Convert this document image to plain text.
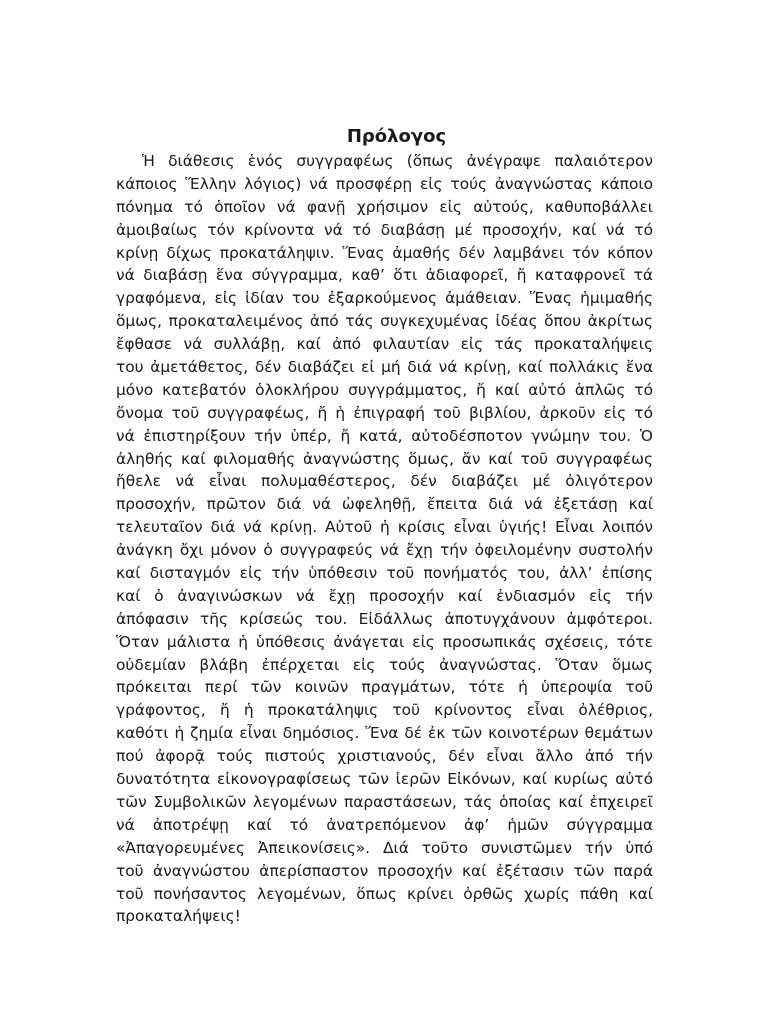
Πρόλογος
Ἡ διάθεσις ἑνός συγγραφέως (ὅπως ἀνέγραψε παλαιότερον
κάποιος Ἕλλην λόγιος) νά προσφέρῃ εἰς τούς ἀναγνώστας κάποιο
πόνημα τό ὁποῖον νά φανῇ χρήσιμον εἰς αὐτούς, καθυποβάλλει
ἀμοιβαίως τόν κρίνοντα νά τό διαβάσῃ μέ προσοχήν, καί νά τό
κρίνῃ δίχως προκατάληψιν. Ἕνας ἀμαθής δέν λαμβάνει τόν κόπον
νά διαβάσῃ ἕνα σύγγραμμα, καθ’ ὅτι ἀδιαφορεῖ, ἤ καταφρονεῖ τά
γραφόμενα, εἰς ἰδίαν του ἐξαρκούμενος ἀμάθειαν. Ἕνας ἡμιμαθής
ὅμως, προκαταλειμένος ἀπό τάς συγκεχυμένας ἰδέας ὅπου ἀκρίτως
ἔφθασε νά συλλάβῃ, καί ἀπό φιλαυτίαν εἰς τάς προκαταλήψεις
του ἀμετάθετος, δέν διαβάζει εἰ μή διά νά κρίνῃ, καί πολλάκις ἕνα
μόνο κατεβατόν ὁλοκλήρου συγγράμματος, ἤ καί αὐτό ἁπλῶς τό
ὄνομα τοῦ συγγραφέως, ἤ ἡ ἐπιγραφή τοῦ βιβλίου, ἀρκοῦν εἰς τό
νά ἐπιστηρίξουν τήν ὑπέρ, ἤ κατά, αὐτοδέσποτον γνώμην του. Ὁ
ἀληθής καί φιλομαθής ἀναγνώστης ὅμως, ἄν καί τοῦ συγγραφέως
ἤθελε νά εἶναι πολυμαθέστερος, δέν διαβάζει μέ ὀλιγότερον
προσοχήν, πρῶτον διά νά ὠφεληθῇ, ἔπειτα διά νά ἐξετάσῃ καί
τελευταῖον διά νά κρίνῃ. Αὐτοῦ ἡ κρίσις εἶναι ὑγιής! Εἶναι λοιπόν
ἀνάγκη ὄχι μόνον ὁ συγγραφεύς νά ἔχῃ τήν ὀφειλομένην συστολήν
καί δισταγμόν εἰς τήν ὑπόθεσιν τοῦ πονήματός του, ἀλλ’ ἐπίσης
καί ὁ ἀναγινώσκων νά ἔχῃ προσοχήν καί ἐνδιασμόν εἰς τήν
ἀπόφασιν τῆς κρίσεώς του. Εἰδάλλως ἀποτυγχάνουν ἀμφότεροι.
Ὅταν μάλιστα ἡ ὑπόθεσις ἀνάγεται εἰς προσωπικάς σχέσεις, τότε
οὐδεμίαν βλάβη ἐπέρχεται εἰς τούς ἀναγνώστας. Ὅταν ὅμως
πρόκειται περί τῶν κοινῶν πραγμάτων, τότε ἡ ὑπεροψία τοῦ
γράφοντος, ἤ ἡ προκατάληψις τοῦ κρίνοντος εἶναι ὀλέθριος,
καθότι ἡ ζημία εἶναι δημόσιος. Ἕνα δέ ἐκ τῶν κοινοτέρων θεμάτων
πού ἀφορᾷ τούς πιστούς χριστιανούς, δέν εἶναι ἄλλο ἀπό τήν
δυνατότητα εἰκονογραφίσεως τῶν ἱερῶν Εἰκόνων, καί κυρίως αὐτό
τῶν Συμβολικῶν λεγομένων παραστάσεων, τάς ὁποίας καί ἐπχειρεῖ
νά ἀποτρέψῃ καί τό ἀνατρεπόμενον ἀφ’ ἡμῶν σύγγραμμα
«Ἀπαγορευμένες Ἀπεικονίσεις». Διά τοῦτο συνιστῶμεν τήν ὑπό
τοῦ ἀναγνώστου ἀπερίσπαστον προσοχήν καί ἐξέτασιν τῶν παρά
τοῦ πονήσαντος λεγομένων, ὅπως κρίνει ὀρθῶς χωρίς πάθη καί
προκαταλήψεις!
